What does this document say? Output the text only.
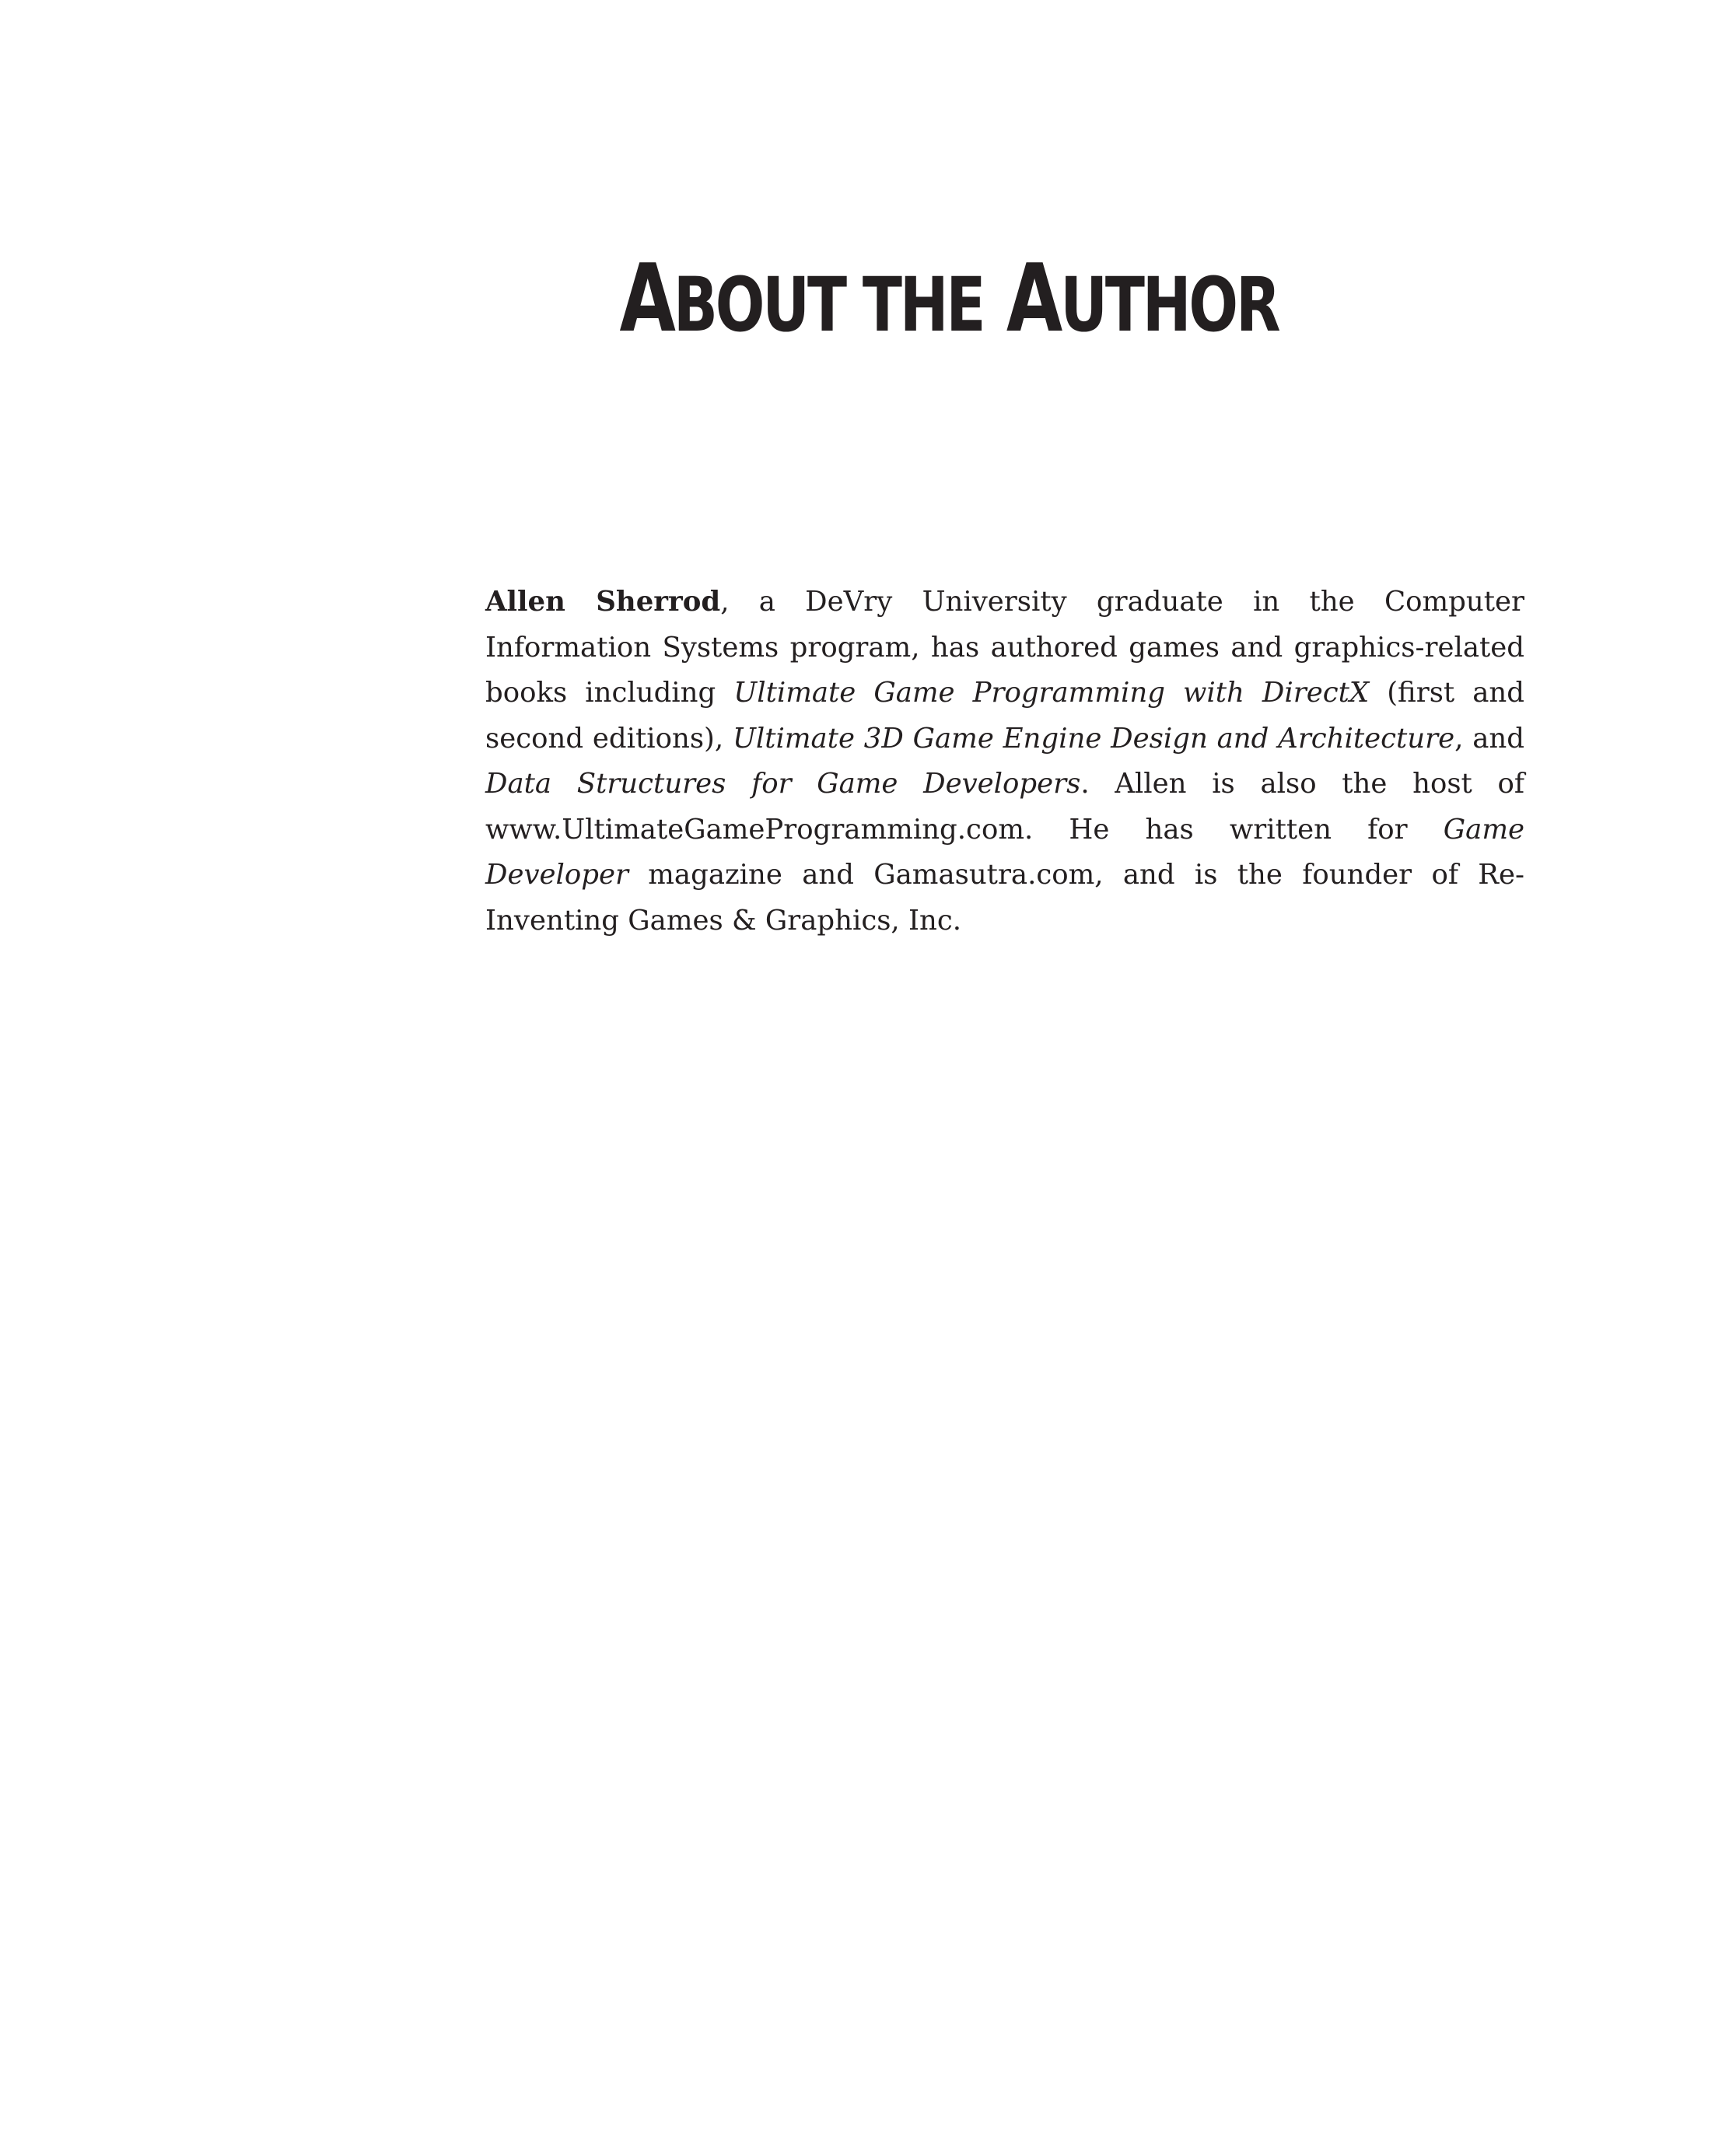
ABOUT THE AUTHOR

Allen Sherrod, a DeVry University graduate in the Computer Information Systems program, has authored games and graphics-related books including Ultimate Game Programming with DirectX (first and second editions), Ultimate 3D Game Engine Design and Architecture, and Data Structures for Game Developers. Allen is also the host of www.UltimateGameProgramming.com. He has written for Game Developer magazine and Gamasutra.com, and is the founder of Re-Inventing Games & Graphics, Inc.
